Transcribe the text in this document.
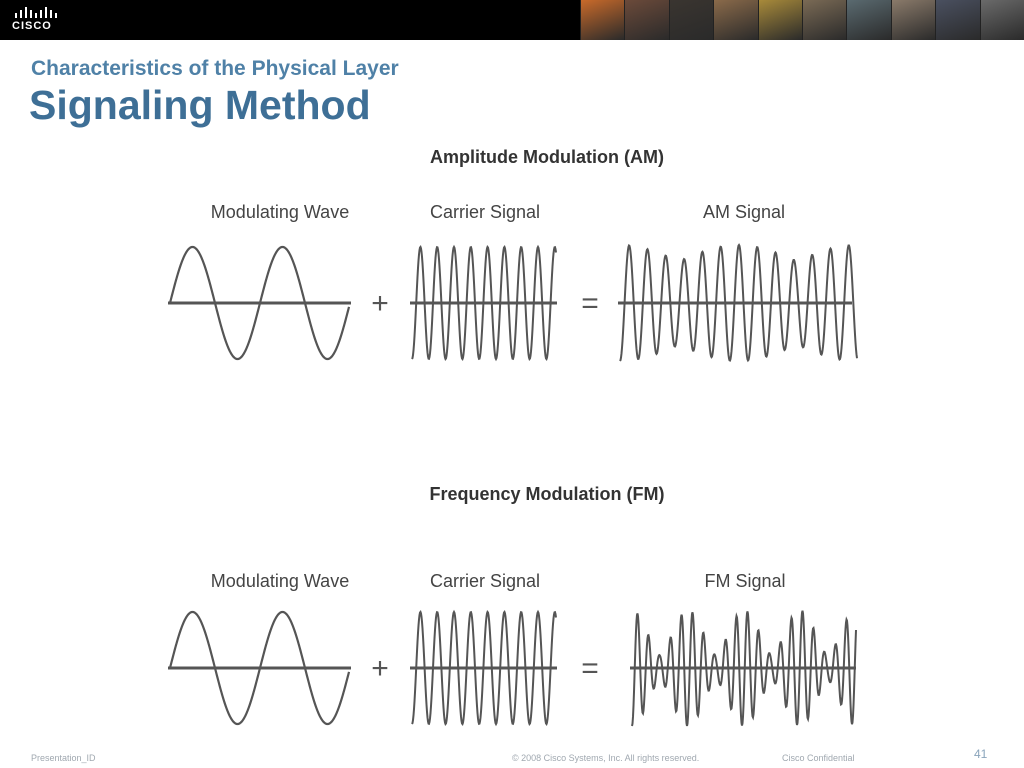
CISCO
Characteristics of the Physical Layer
Signaling Method
Amplitude Modulation (AM)
Modulating Wave	Carrier Signal	AM Signal
Frequency Modulation (FM)
Modulating Wave	Carrier Signal	FM Signal
+	=
+	=
Presentation_ID	© 2008 Cisco Systems, Inc. All rights reserved.	Cisco Confidential	41
